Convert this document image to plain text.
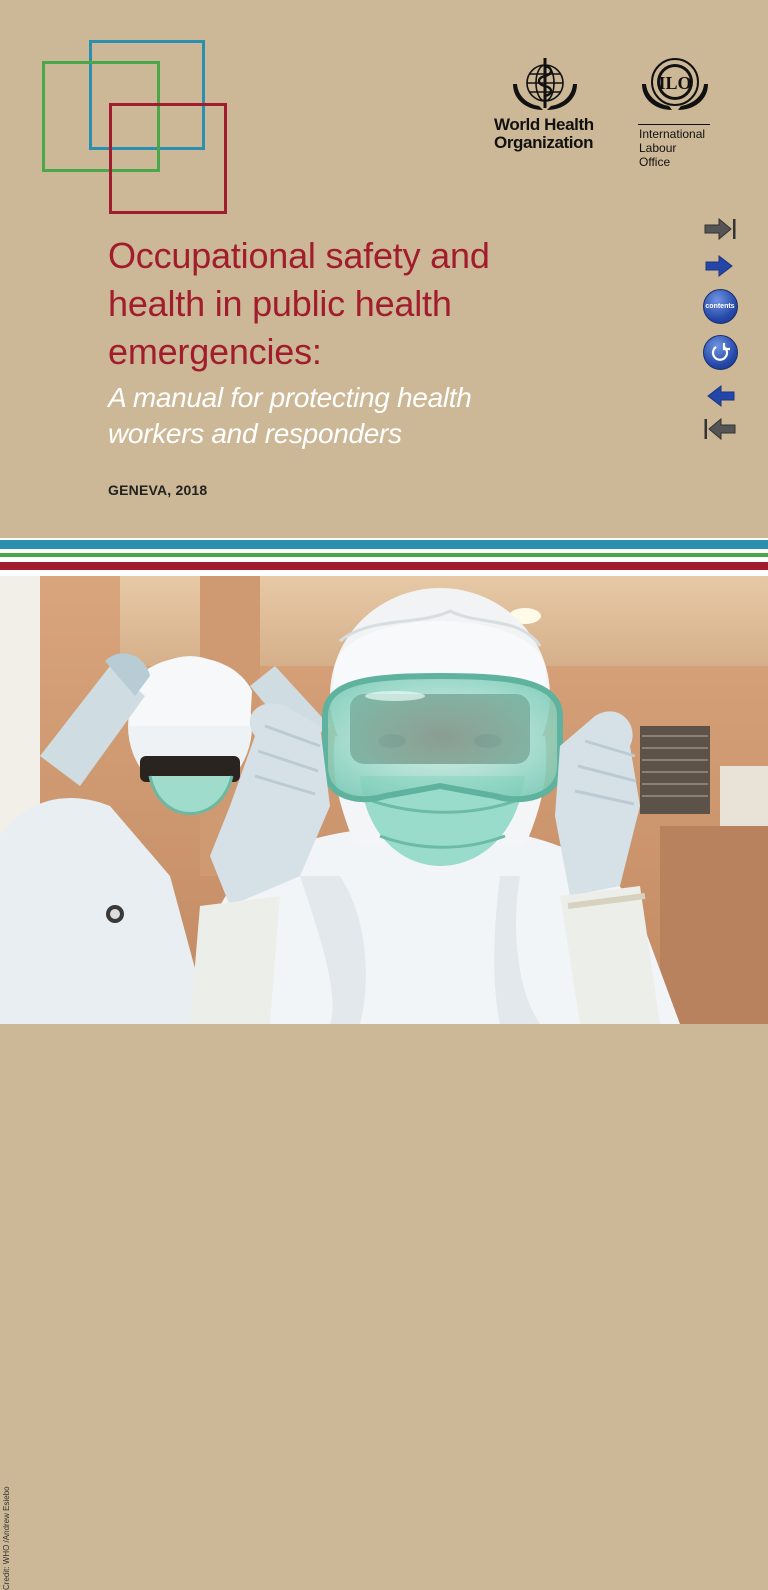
World Health
Organization
ILO
International
Labour
Office
contents
Occupational safety and
health in public health
emergencies:
A manual for protecting health
workers and responders
GENEVA, 2018
Credit: WHO /Andrew Esiebo
